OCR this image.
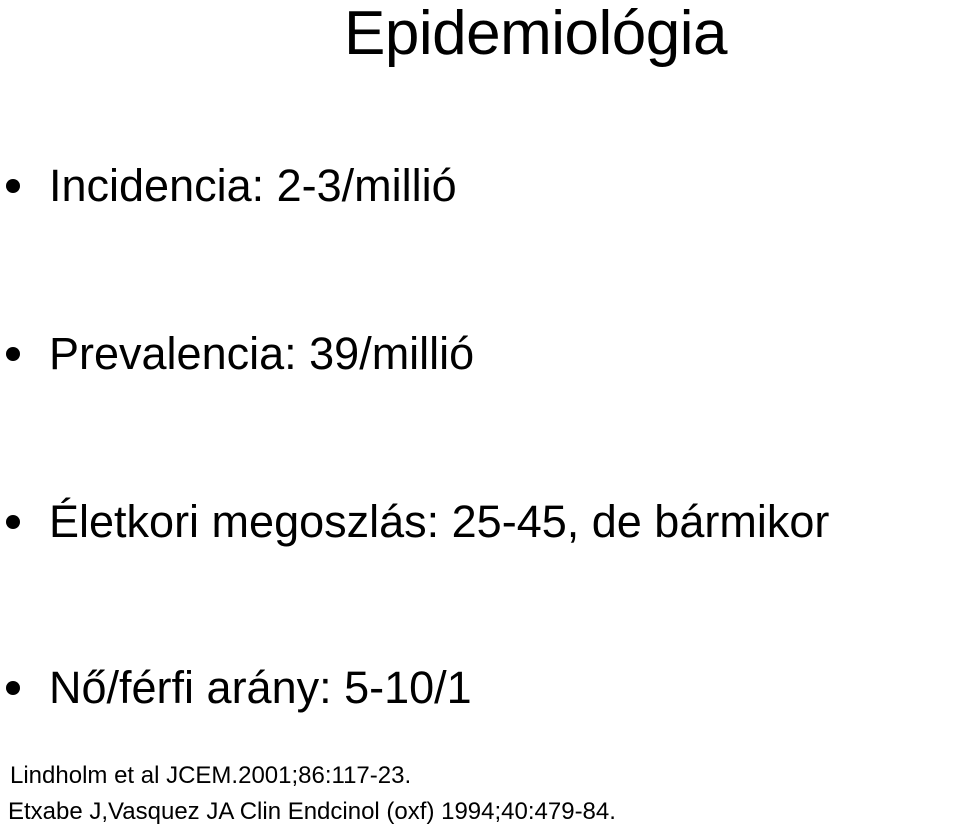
Epidemiológia
Incidencia: 2-3/millió
Prevalencia: 39/millió
Életkori megoszlás: 25-45, de bármikor
Nő/férfi arány: 5-10/1
Lindholm et al JCEM.2001;86:117-23.
Etxabe J,Vasquez JA Clin Endcinol (oxf) 1994;40:479-84.
